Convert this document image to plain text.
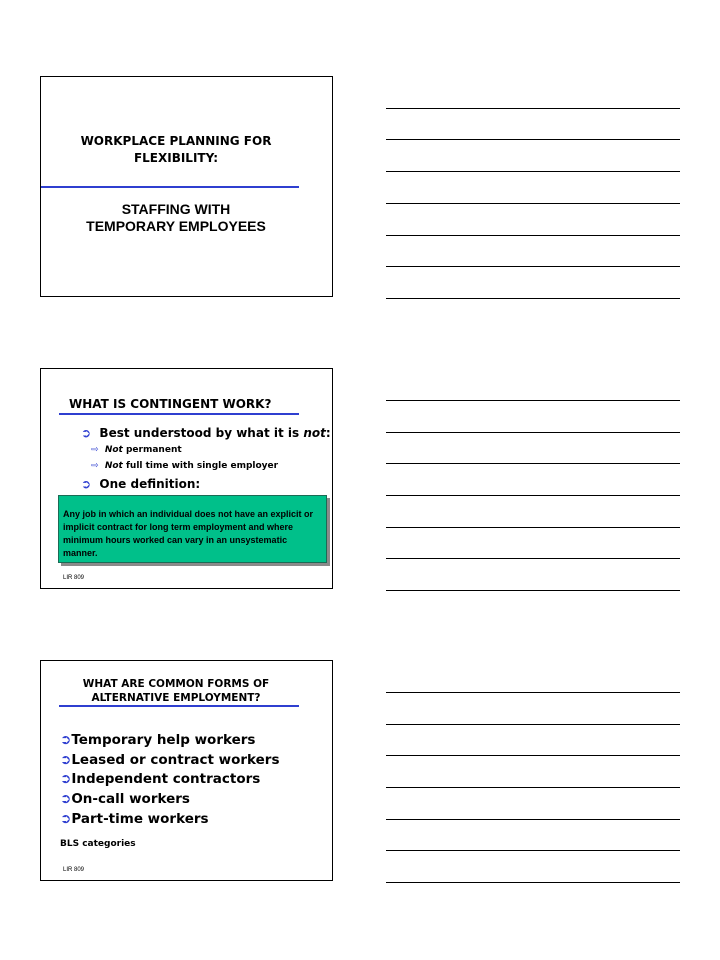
WORKPLACE PLANNING FOR FLEXIBILITY:
STAFFING WITH
TEMPORARY EMPLOYEES
WHAT IS CONTINGENT WORK?
➲ Best understood by what it is not:
⇨ Not permanent
⇨ Not full time with single employer
➲ One definition:
Any job in which an individual does not have an explicit or implicit contract for long term employment and where minimum hours worked can vary in an unsystematic manner.
LIR 809
WHAT ARE COMMON FORMS OF
ALTERNATIVE EMPLOYMENT?
➲Temporary help workers
➲Leased or contract workers
➲Independent contractors
➲On-call workers
➲Part-time workers
BLS categories
LIR 809
